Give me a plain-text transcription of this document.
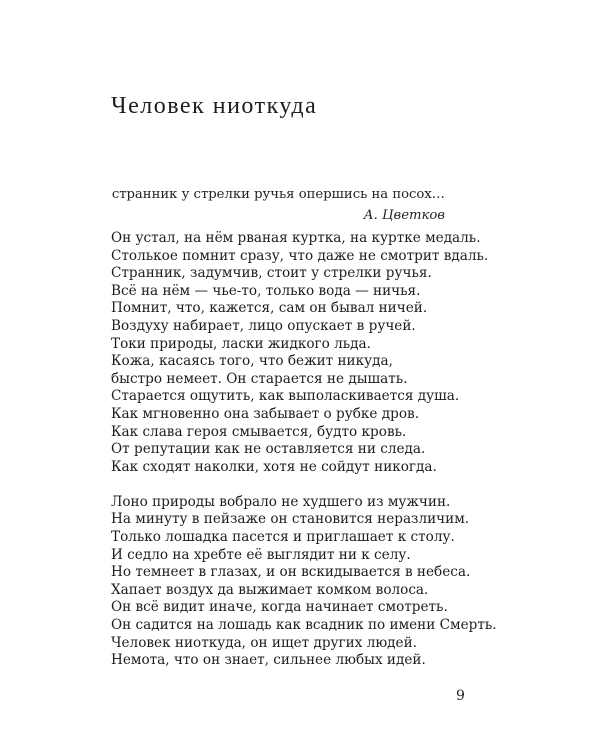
Человек ниоткуда
странник у стрелки ручья опершись на посох…
А. Цветков
Он устал, на нём рваная куртка, на куртке медаль.
Столькое помнит сразу, что даже не смотрит вдаль.
Странник, задумчив, стоит у стрелки ручья.
Всё на нём — чье-то, только вода — ничья.
Помнит, что, кажется, сам он бывал ничей.
Воздуху набирает, лицо опускает в ручей.
Токи природы, ласки жидкого льда.
Кожа, касаясь того, что бежит никуда,
быстро немеет. Он старается не дышать.
Старается ощутить, как выполаскивается душа.
Как мгновенно она забывает о рубке дров.
Как слава героя смывается, будто кровь.
От репутации как не оставляется ни следа.
Как сходят наколки, хотя не сойдут никогда.
Лоно природы вобрало не худшего из мужчин.
На минуту в пейзаже он становится неразличим.
Только лошадка пасется и приглашает к столу.
И седло на хребте её выглядит ни к селу.
Но темнеет в глазах, и он вскидывается в небеса.
Хапает воздух да выжимает комком волоса.
Он всё видит иначе, когда начинает смотреть.
Он садится на лошадь как всадник по имени Смерть.
Человек ниоткуда, он ищет других людей.
Немота, что он знает, сильнее любых идей.
9
